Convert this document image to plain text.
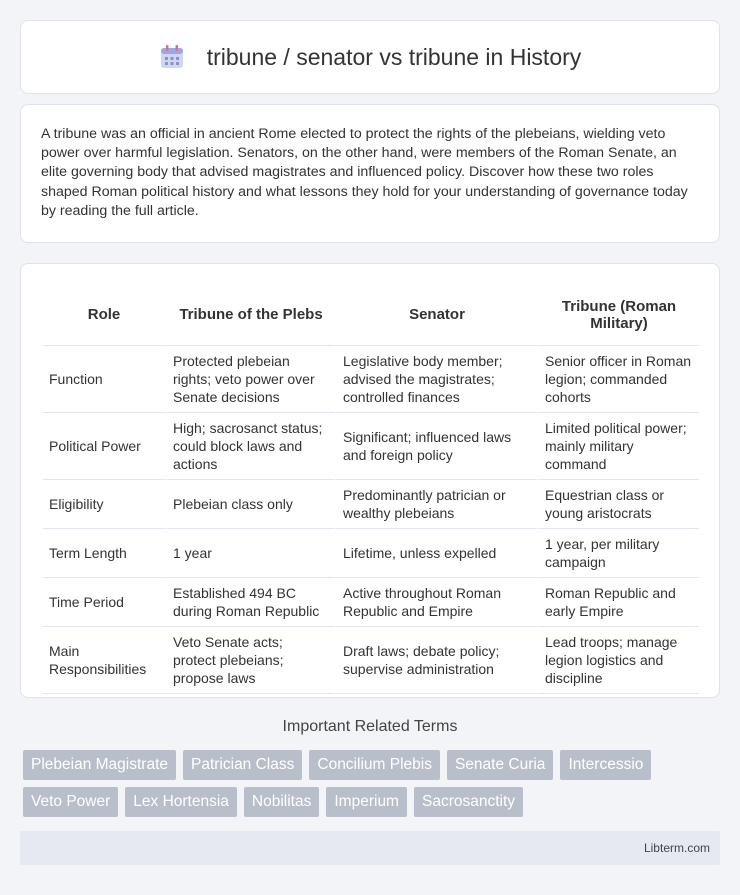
tribune / senator vs tribune in History

A tribune was an official in ancient Rome elected to protect the rights of the plebeians, wielding veto power over harmful legislation. Senators, on the other hand, were members of the Roman Senate, an elite governing body that advised magistrates and influenced policy. Discover how these two roles shaped Roman political history and what lessons they hold for your understanding of governance today by reading the full article.

Role	Tribune of the Plebs	Senator	Tribune (Roman Military)
Function	Protected plebeian rights; veto power over Senate decisions	Legislative body member; advised the magistrates; controlled finances	Senior officer in Roman legion; commanded cohorts
Political Power	High; sacrosanct status; could block laws and actions	Significant; influenced laws and foreign policy	Limited political power; mainly military command
Eligibility	Plebeian class only	Predominantly patrician or wealthy plebeians	Equestrian class or young aristocrats
Term Length	1 year	Lifetime, unless expelled	1 year, per military campaign
Time Period	Established 494 BC during Roman Republic	Active throughout Roman Republic and Empire	Roman Republic and early Empire
Main Responsibilities	Veto Senate acts; protect plebeians; propose laws	Draft laws; debate policy; supervise administration	Lead troops; manage legion logistics and discipline
Important Related Terms
Plebeian Magistrate	Patrician Class	Concilium Plebis	Senate Curia	Intercessio
Veto Power	Lex Hortensia	Nobilitas	Imperium	Sacrosanctity
Libterm.com
